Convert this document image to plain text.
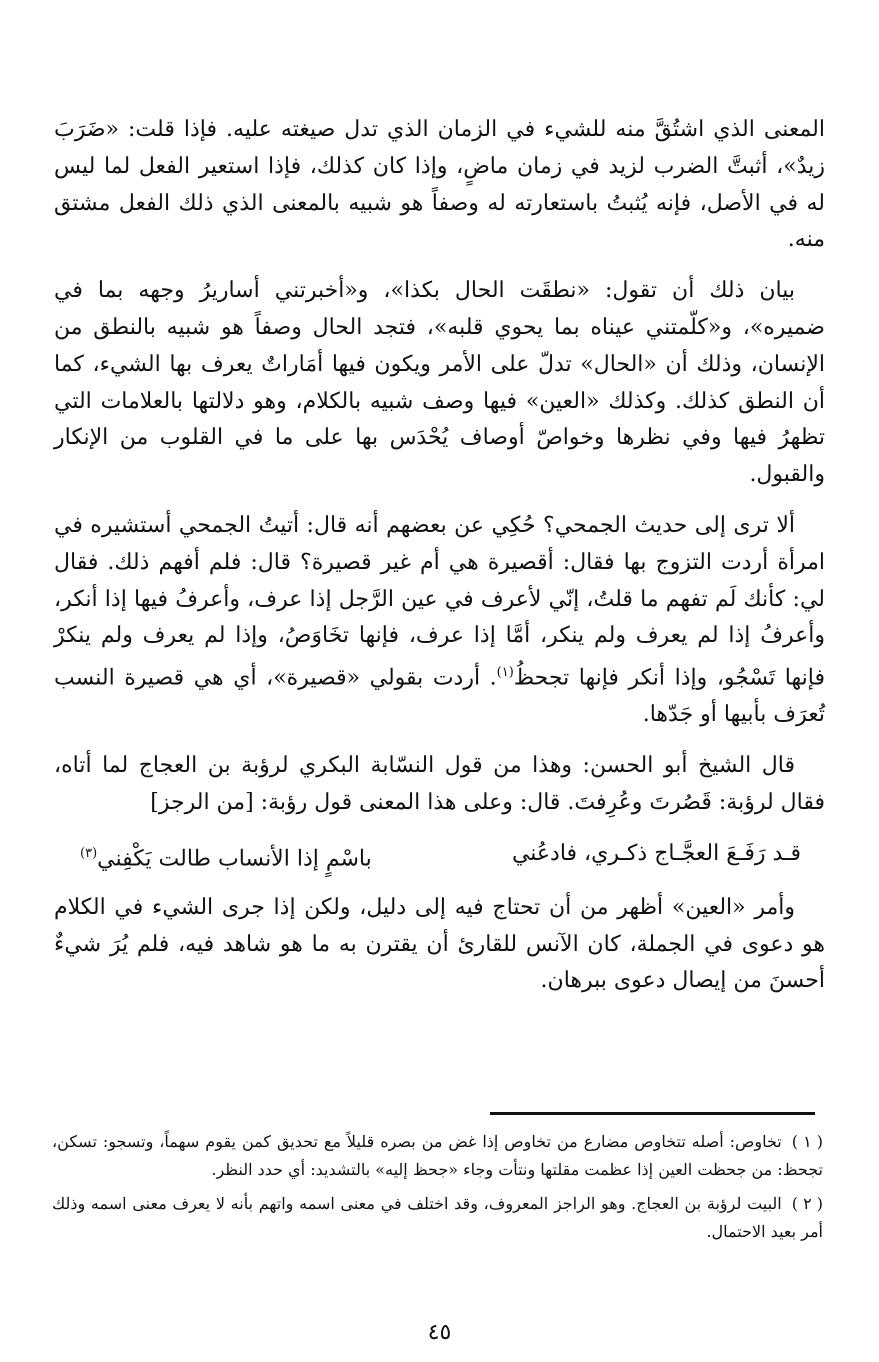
المعنى الذي اشتُقَّ منه للشيء في الزمان الذي تدل صيغته عليه. فإذا قلت: «ضَرَبَ زيدٌ»، أثبتَّ الضرب لزيد في زمان ماضٍ، وإذا كان كذلك، فإذا استعير الفعل لما ليس له في الأصل، فإنه يُثبتُ باستعارته له وصفاً هو شبيه بالمعنى الذي ذلك الفعل مشتق منه.

بيان ذلك أن تقول: «نطقَت الحال بكذا»، و«أخبرتني أساريرُ وجهه بما في ضميره»، و«كلّمتني عيناه بما يحوي قلبه»، فتجد الحال وصفاً هو شبيه بالنطق من الإنسان، وذلك أن «الحال» تدلّ على الأمر ويكون فيها أمَاراتٌ يعرف بها الشيء، كما أن النطق كذلك. وكذلك «العين» فيها وصف شبيه بالكلام، وهو دلالتها بالعلامات التي تظهرُ فيها وفي نظرها وخواصّ أوصاف يُحْدَس بها على ما في القلوب من الإنكار والقبول.

ألا ترى إلى حديث الجمحي؟ حُكِي عن بعضهم أنه قال: أتيتُ الجمحي أستشيره في امرأة أردت التزوج بها فقال: أقصيرة هي أم غير قصيرة؟ قال: فلم أفهم ذلك. فقال لي: كأنك لَم تفهم ما قلتُ، إنّي لأعرف في عين الرَّجل إذا عرف، وأعرفُ فيها إذا أنكر، وأعرفُ إذا لم يعرف ولم ينكر، أمَّا إذا عرف، فإنها تخَاوَصُ، وإذا لم يعرف ولم ينكرْ فإنها تَسْجُو، وإذا أنكر فإنها تجحظُ$^{(١)}$. أردت بقولي «قصيرة»، أي هي قصيرة النسب تُعرَف بأبيها أو جَدّها.

قال الشيخ أبو الحسن: وهذا من قول النسّابة البكري لرؤبة بن العجاج لما أتاه، فقال لرؤبة: قَصُرتَ وعُرِفتَ. قال: وعلى هذا المعنى قول رؤبة: [من الرجز]

قـد رَفَـعَ العجَّـاج ذكـري، فادعُني
باسْمٍ إذا الأنساب طالت يَكْفِني$^{(٣)}$

وأمر «العين» أظهر من أن تحتاج فيه إلى دليل، ولكن إذا جرى الشيء في الكلام هو دعوى في الجملة، كان الآنس للقارئ أن يقترن به ما هو شاهد فيه، فلم يُرَ شيءٌ أحسنَ من إيصال دعوى ببرهان.

( ١ )تخاوص: أصله تتخاوص مضارع من تخاوص إذا غض من بصره قليلاً مع تحديق كمن يقوم سهماً، وتسجو: تسكن، تجحظ: من جحظت العين إذا عظمت مقلتها ونتأت وجاء «جحظ إليه» بالتشديد: أي حدد النظر.
( ٢ )البيت لرؤبة بن العجاج. وهو الراجز المعروف، وقد اختلف في معنى اسمه واتهم بأنه لا يعرف معنى اسمه وذلك أمر بعيد الاحتمال.
٤٥
